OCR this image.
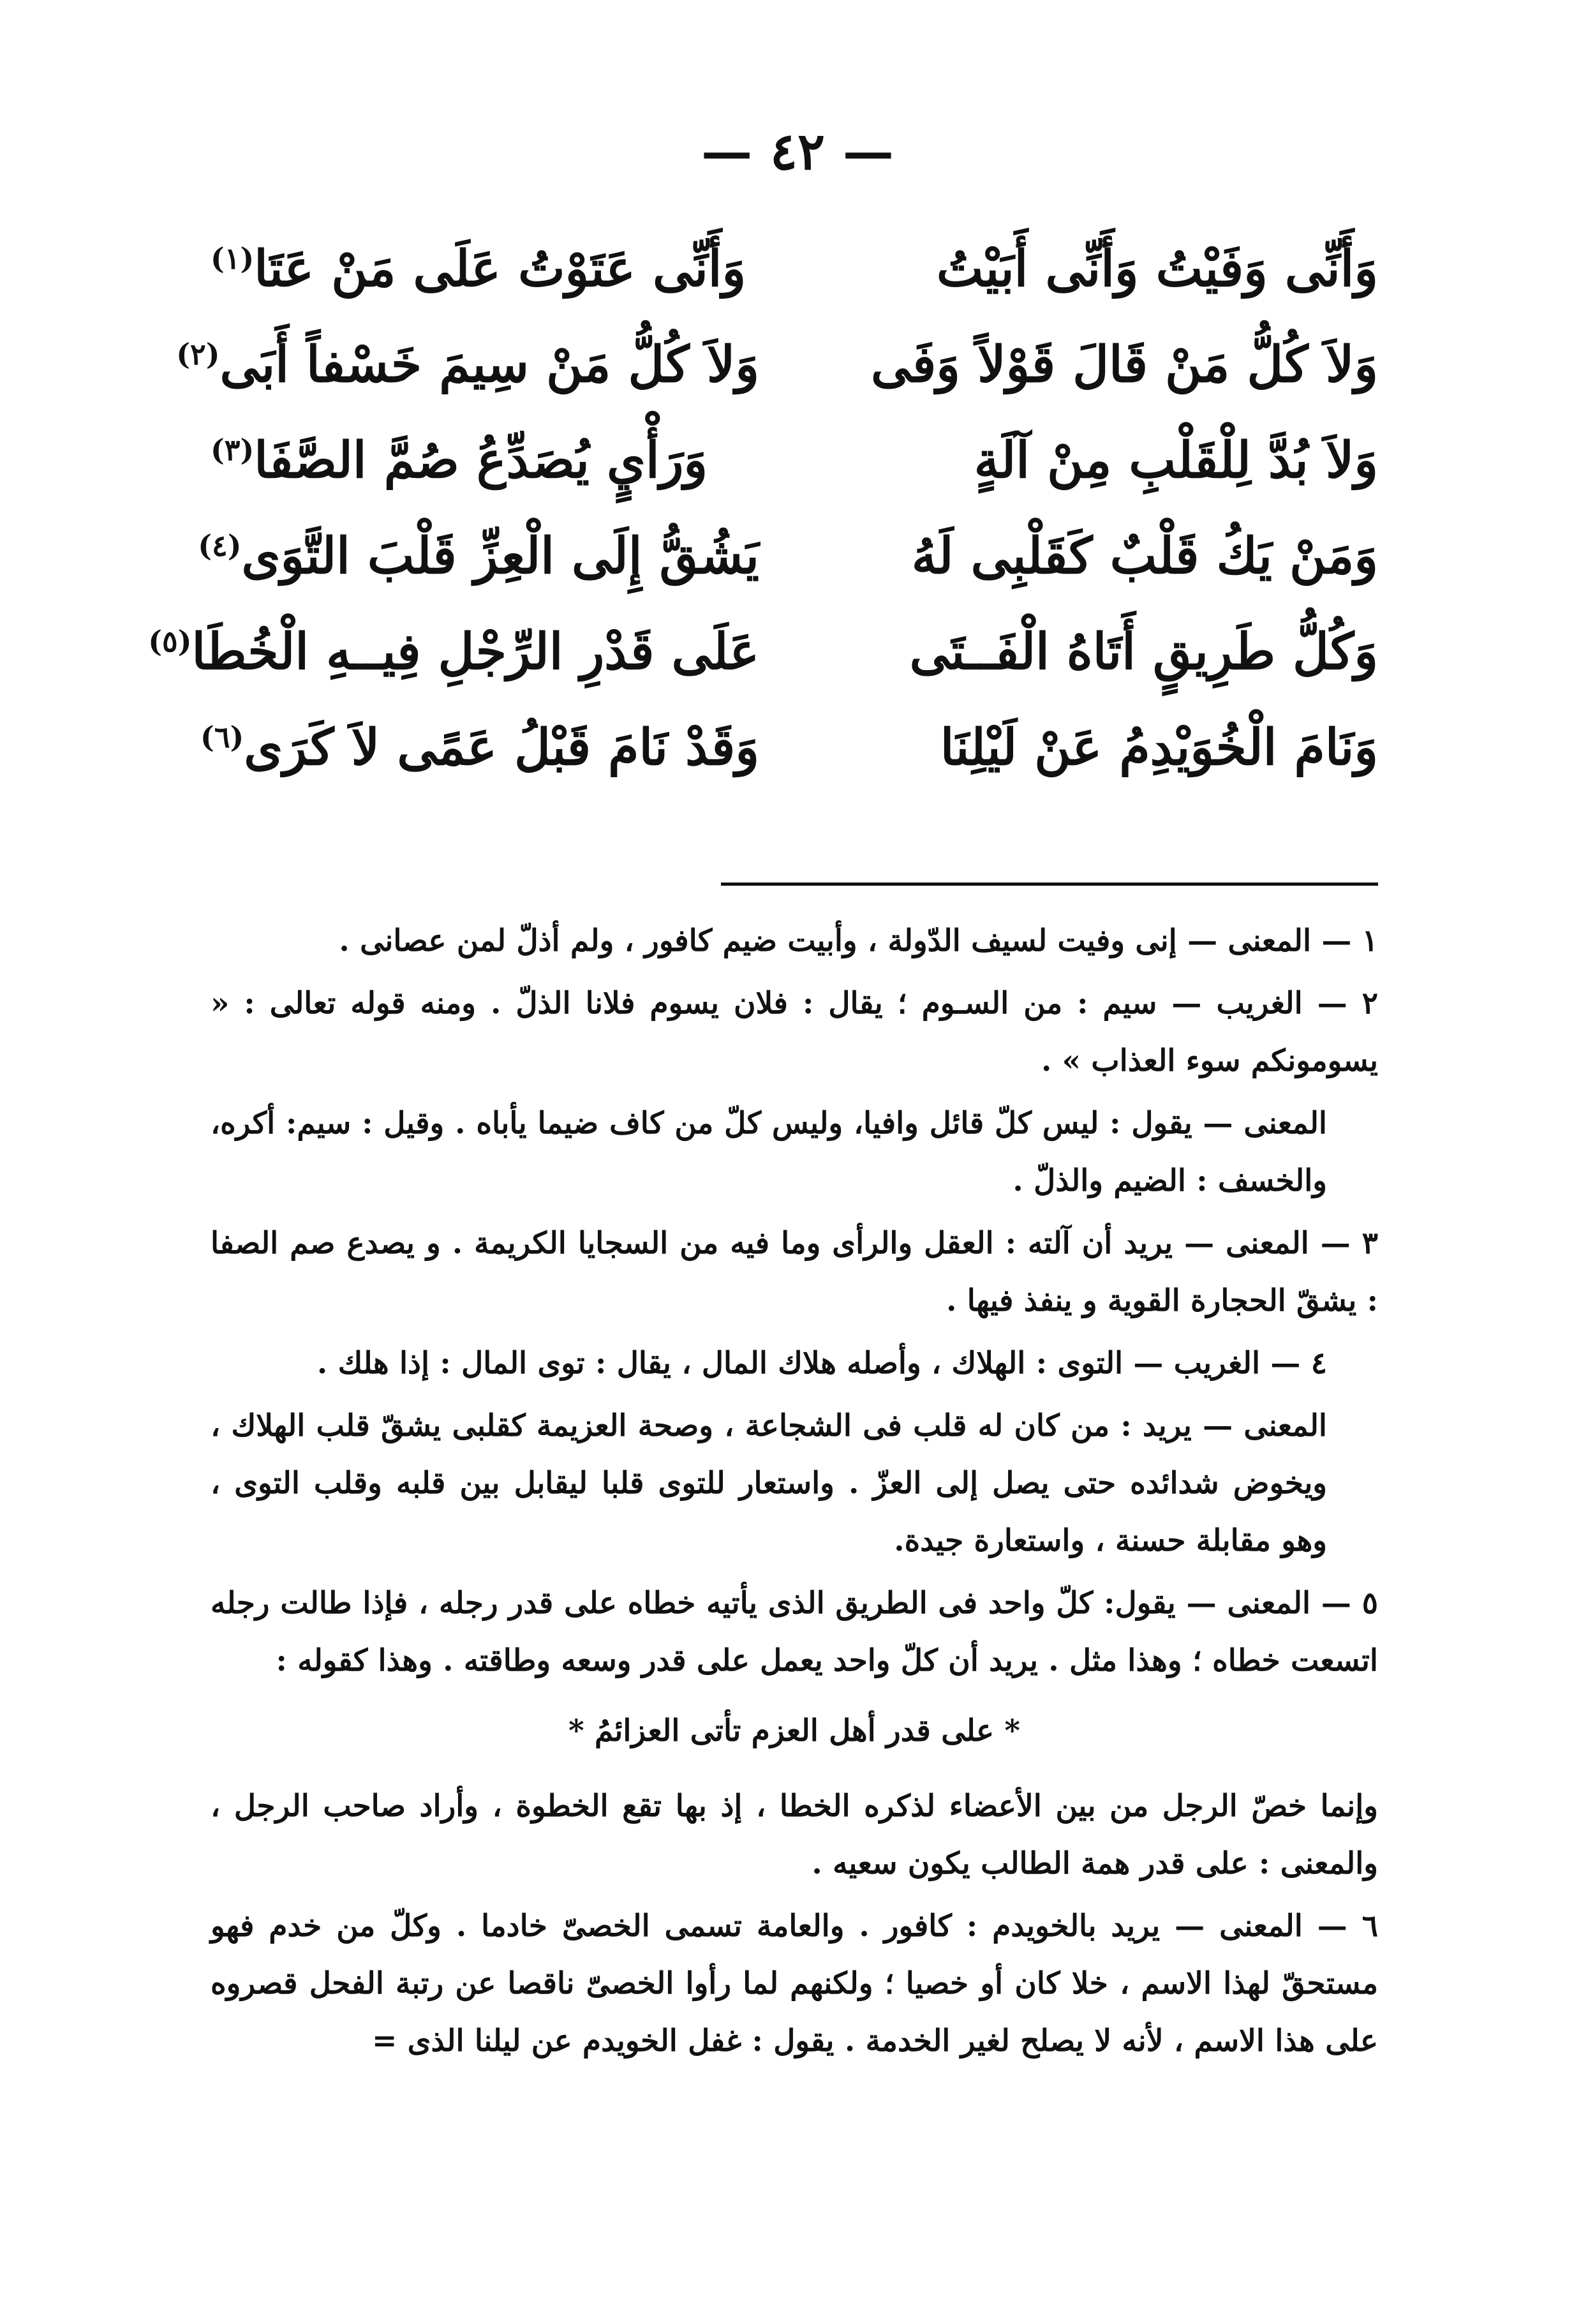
— ٤٢ —
وَأَنِّى وَفَيْتُ وَأَنِّى أَبَيْتُ
وَأَنِّى عَتَوْتُ عَلَى مَنْ عَتَا$^{(١)}$
وَلاَ كُلُّ مَنْ قَالَ قَوْلاً وَفَى
وَلاَ كُلُّ مَنْ سِيمَ خَسْفاً أَبَى$^{(٢)}$
وَلاَ بُدَّ لِلْقَلْبِ مِنْ آلَةٍ
وَرَأْيٍ يُصَدِّعُ صُمَّ الصَّفَا$^{(٣)}$
وَمَنْ يَكُ قَلْبٌ كَقَلْبِى لَهُ
يَشُقُّ إِلَى الْعِزِّ قَلْبَ التَّوَى$^{(٤)}$
وَكُلُّ طَرِيقٍ أَتَاهُ الْفَــتَى
عَلَى قَدْرِ الرِّجْلِ فِيــهِ الْخُطَا$^{(٥)}$
وَنَامَ الْخُوَيْدِمُ عَنْ لَيْلِنَا
وَقَدْ نَامَ قَبْلُ عَمًى لاَ كَرَى$^{(٦)}$

١ — المعنى — إنى وفيت لسيف الدّولة ، وأبيت ضيم كافور ، ولم أذلّ لمن عصانى .

٢ — الغريب — سيم : من السـوم ؛ يقال : فلان يسوم فلانا الذلّ . ومنه قوله تعالى : « يسومونكم سوء العذاب » .

المعنى — يقول : ليس كلّ قائل وافيا، وليس كلّ من كاف ضيما يأباه . وقيل : سيم: أكره، والخسف : الضيم والذلّ .

٣ — المعنى — يريد أن آلته : العقل والرأى وما فيه من السجايا الكريمة . و يصدع صم الصفا : يشقّ الحجارة القوية و ينفذ فيها .

٤ — الغريب — التوى : الهلاك ، وأصله هلاك المال ، يقال : توى المال : إذا هلك .

المعنى — يريد : من كان له قلب فى الشجاعة ، وصحة العزيمة كقلبى يشقّ قلب الهلاك ، ويخوض شدائده حتى يصل إلى العزّ . واستعار للتوى قلبا ليقابل بين قلبه وقلب التوى ، وهو مقابلة حسنة ، واستعارة جيدة.

٥ — المعنى — يقول: كلّ واحد فى الطريق الذى يأتيه خطاه على قدر رجله ، فإذا طالت رجله اتسعت خطاه ؛ وهذا مثل . يريد أن كلّ واحد يعمل على قدر وسعه وطاقته . وهذا كقوله :

* على قدر أهل العزم تأتى العزائمُ *

وإنما خصّ الرجل من بين الأعضاء لذكره الخطا ، إذ بها تقع الخطوة ، وأراد صاحب الرجل ، والمعنى : على قدر همة الطالب يكون سعيه .

٦ — المعنى — يريد بالخويدم : كافور . والعامة تسمى الخصىّ خادما . وكلّ من خدم فهو مستحقّ لهذا الاسم ، خلا كان أو خصيا ؛ ولكنهم لما رأوا الخصىّ ناقصا عن رتبة الفحل قصروه على هذا الاسم ، لأنه لا يصلح لغير الخدمة . يقول : غفل الخويدم عن ليلنا الذى =
